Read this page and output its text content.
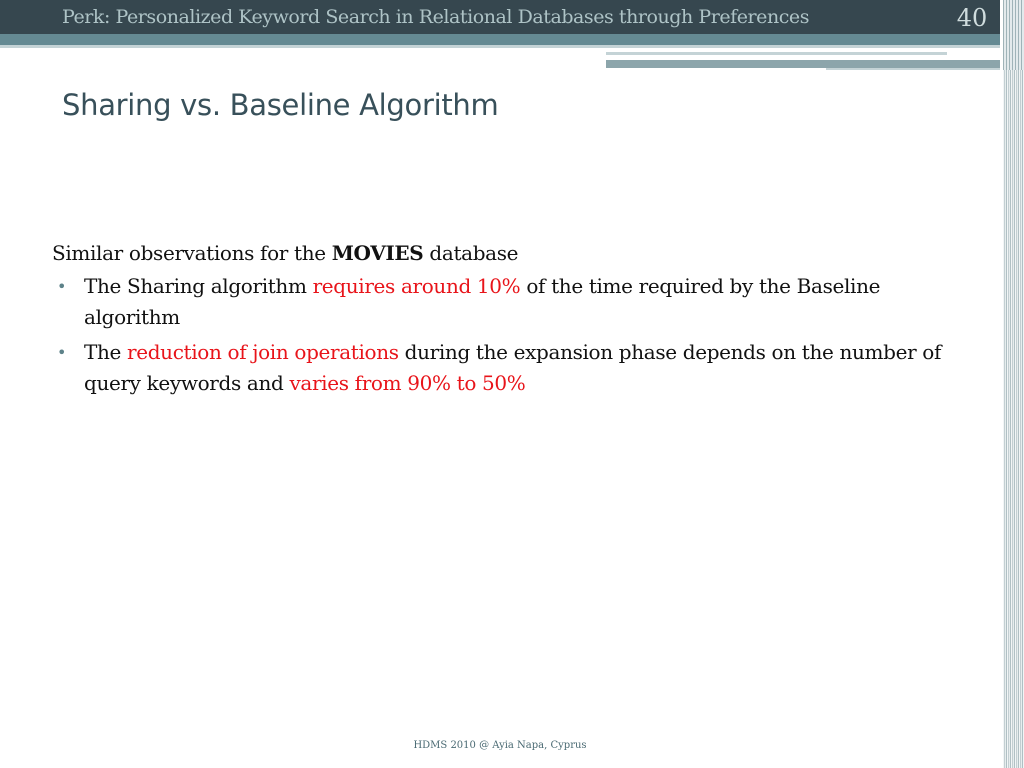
Perk: Personalized Keyword Search in Relational Databases through Preferences	40
Sharing vs. Baseline Algorithm

Similar observations for the MOVIES database

• The Sharing algorithm requires around 10% of the time required by the Baseline algorithm
• The reduction of join operations during the expansion phase depends on the number of query keywords and varies from 90% to 50%
HDMS 2010 @ Ayia Napa, Cyprus
